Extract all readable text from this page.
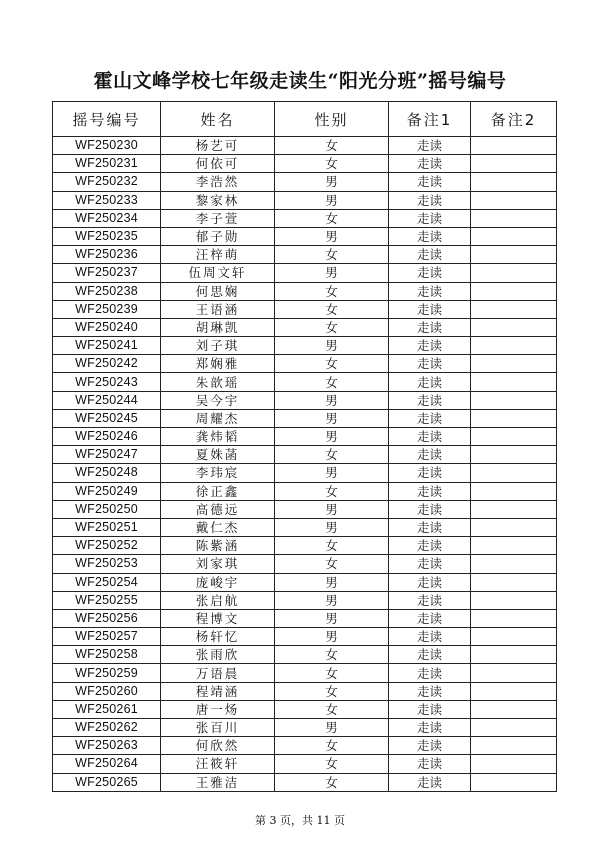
霍山文峰学校七年级走读生“阳光分班”摇号编号
摇号编号	姓名	性别	备注1	备注2
WF250230	杨艺可	女	走读	
WF250231	何依可	女	走读	
WF250232	李浩然	男	走读	
WF250233	黎家林	男	走读	
WF250234	李子萱	女	走读	
WF250235	郁子勋	男	走读	
WF250236	汪梓萌	女	走读	
WF250237	伍周文轩	男	走读	
WF250238	何思娴	女	走读	
WF250239	王语涵	女	走读	
WF250240	胡琳凯	女	走读	
WF250241	刘子琪	男	走读	
WF250242	郑娴雅	女	走读	
WF250243	朱歆瑶	女	走读	
WF250244	吴今宇	男	走读	
WF250245	周耀杰	男	走读	
WF250246	龚炜韬	男	走读	
WF250247	夏姝菡	女	走读	
WF250248	李玮宸	男	走读	
WF250249	徐正鑫	女	走读	
WF250250	高德远	男	走读	
WF250251	戴仁杰	男	走读	
WF250252	陈紫涵	女	走读	
WF250253	刘家琪	女	走读	
WF250254	庞峻宇	男	走读	
WF250255	张启航	男	走读	
WF250256	程博文	男	走读	
WF250257	杨轩忆	男	走读	
WF250258	张雨欣	女	走读	
WF250259	万语晨	女	走读	
WF250260	程靖涵	女	走读	
WF250261	唐一炀	女	走读	
WF250262	张百川	男	走读	
WF250263	何欣然	女	走读	
WF250264	汪筱轩	女	走读	
WF250265	王雅洁	女	走读	
第 3 页，共 11 页
